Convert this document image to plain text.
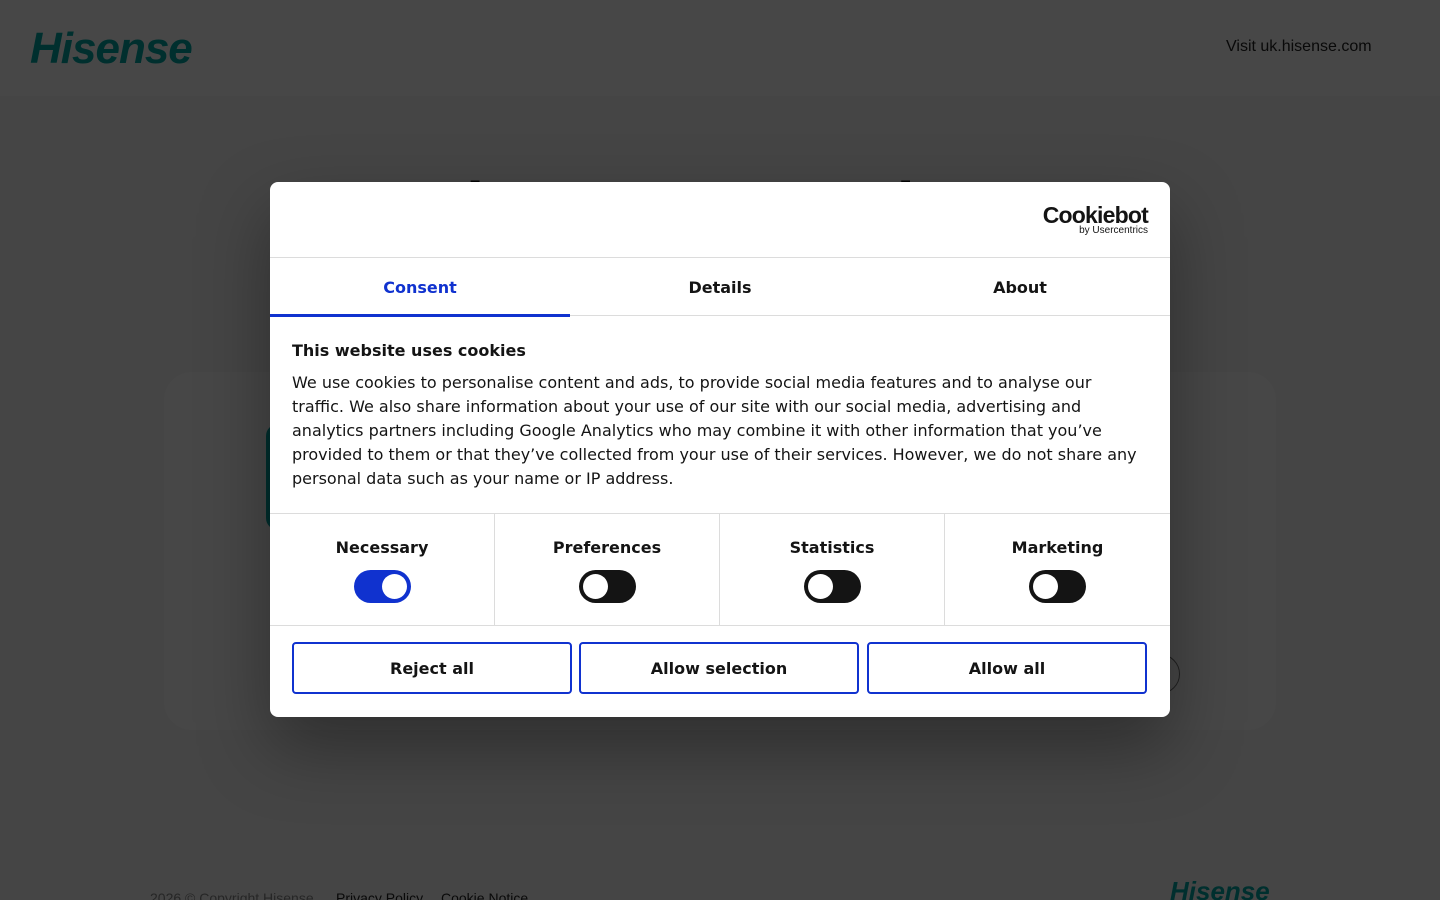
Cookiebot
by Usercentrics
Consent	Details	About
This website uses cookies
We use cookies to personalise content and ads, to provide social media features and to analyse our traffic. We also share information about your use of our site with our social media, advertising and analytics partners including Google Analytics who may combine it with other information that you’ve provided to them or that they’ve collected from your use of their services. However, we do not share any personal data such as your name or IP address.
Necessary	Preferences	Statistics	Marketing
Reject all	Allow selection	Allow all
